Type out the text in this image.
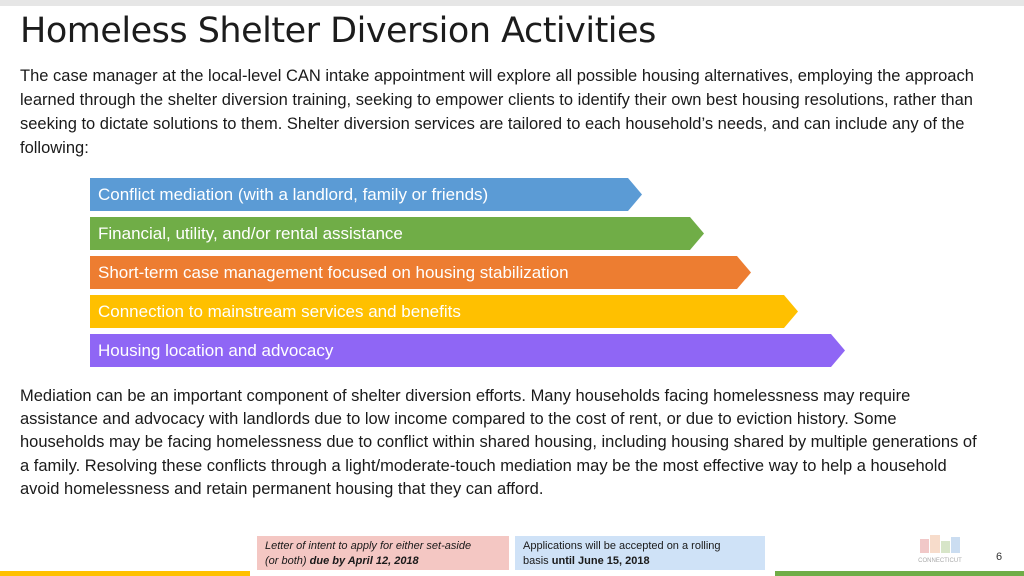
Homeless Shelter Diversion Activities

The case manager at the local-level CAN intake appointment will explore all possible housing alternatives, employing the approach learned through the shelter diversion training, seeking to empower clients to identify their own best housing resolutions, rather than seeking to dictate solutions to them. Shelter diversion services are tailored to each household’s needs, and can include any of the following:

Conflict mediation (with a landlord, family or friends)
Financial, utility, and/or rental assistance
Short-term case management focused on housing stabilization
Connection to mainstream services and benefits
Housing location and advocacy

Mediation can be an important component of shelter diversion efforts. Many households facing homelessness may require assistance and advocacy with landlords due to low income compared to the cost of rent, or due to eviction history. Some households may be facing homelessness due to conflict within shared housing, including housing shared by multiple generations of a family. Resolving these conflicts through a light/moderate-touch mediation may be the most effective way to help a household avoid homelessness and retain permanent housing that they can afford.

Letter of intent to apply for either set-aside
(or both) due by April 12, 2018
Applications will be accepted on a rolling
basis until June 15, 2018	CONNECTICUT	6
